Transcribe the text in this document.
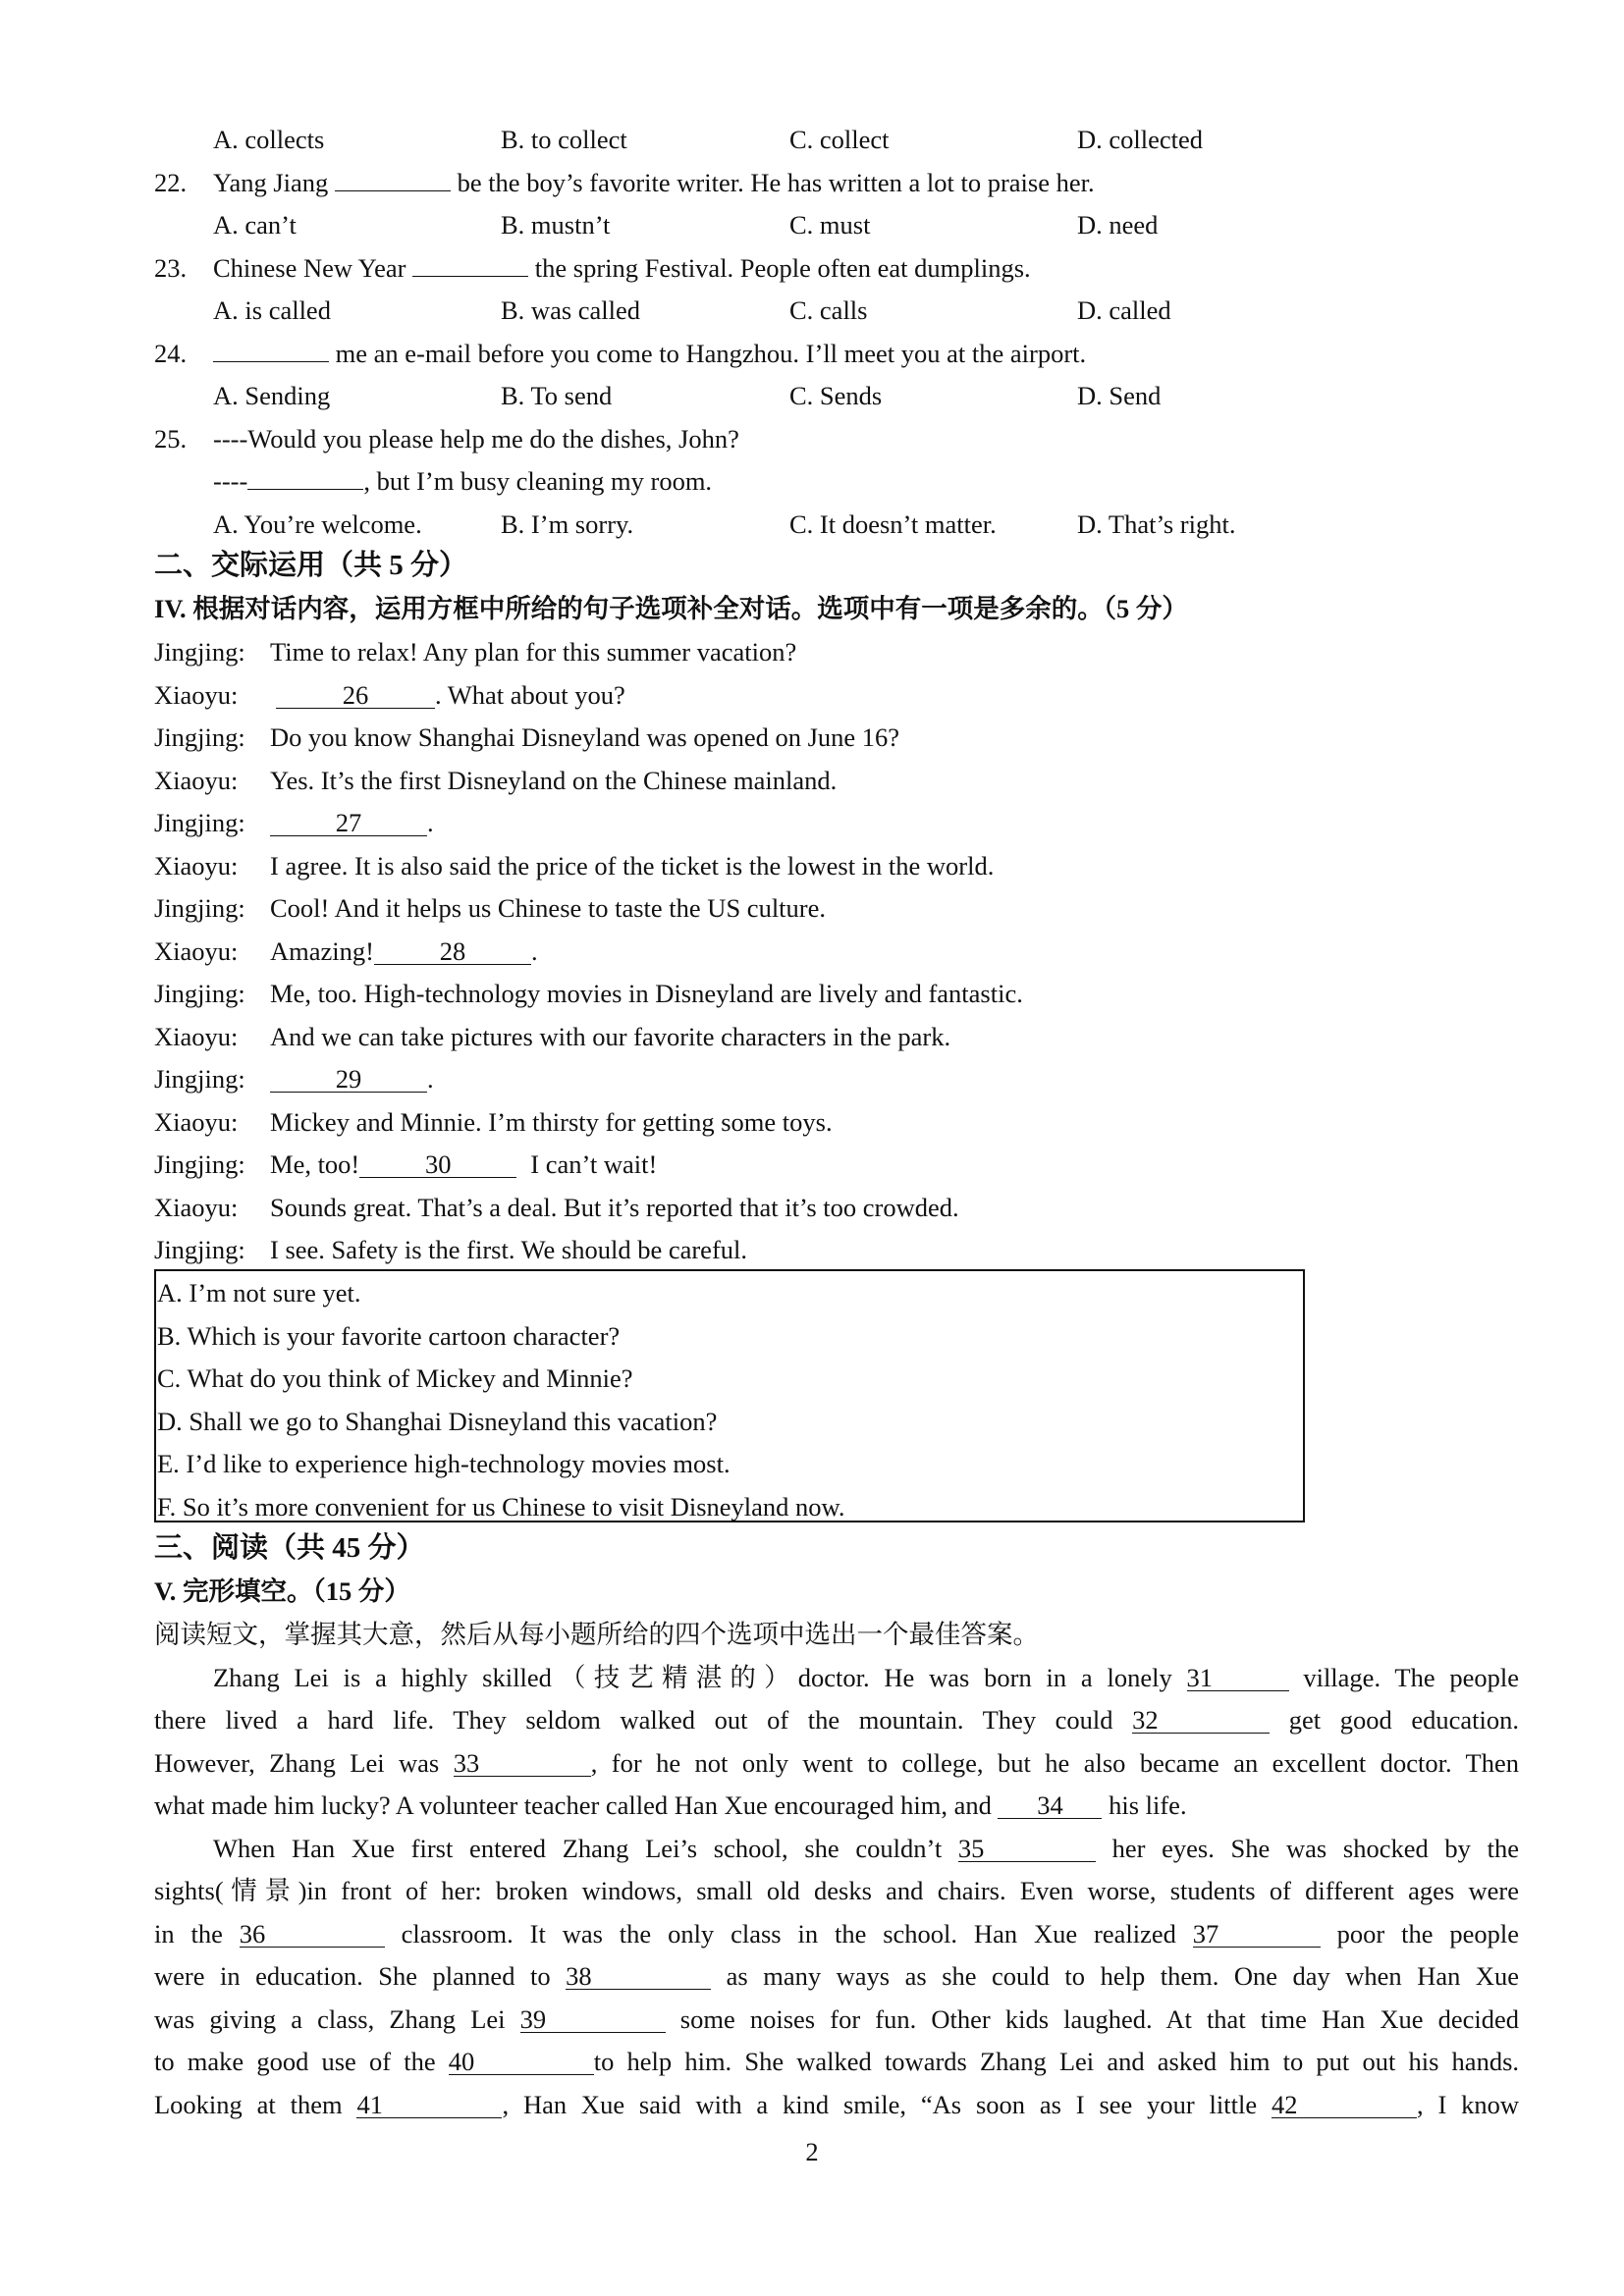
A. collects	B. to collect	C. collect	D. collected
22. Yang Jiang	be the boy’s favorite writer. He has written a lot to praise her.
A. can’t	B. mustn’t	C. must	D. need
23. Chinese New Year	the spring Festival. People often eat dumplings.
A. is called	B. was called	C. calls	D. called
24.	me an e-mail before you come to Hangzhou. I’ll meet you at the airport.
A. Sending	B. To send	C. Sends	D. Send
25. ----Would you please help me do the dishes, John?
----	, but I’m busy cleaning my room.
A. You’re welcome.	B. I’m sorry.	C. It doesn’t matter.	D. That’s right.
二、交际运用（共 5 分）
IV. 根据对话内容，运用方框中所给的句子选项补全对话。选项中有一项是多余的。（5 分）
Jingjing: Time to relax! Any plan for this summer vacation?
Xiaoyu:	26	. What about you?
Jingjing: Do you know Shanghai Disneyland was opened on June 16?
Xiaoyu: Yes. It’s the first Disneyland on the Chinese mainland.
Jingjing:	27	.
Xiaoyu: I agree. It is also said the price of the ticket is the lowest in the world.
Jingjing: Cool! And it helps us Chinese to taste the US culture.
Xiaoyu: Amazing!	28	.
Jingjing: Me, too. High-technology movies in Disneyland are lively and fantastic.
Xiaoyu: And we can take pictures with our favorite characters in the park.
Jingjing:	29	.
Xiaoyu: Mickey and Minnie. I’m thirsty for getting some toys.
Jingjing: Me, too!	30	I can’t wait!
Xiaoyu: Sounds great. That’s a deal. But it’s reported that it’s too crowded.
Jingjing: I see. Safety is the first. We should be careful.
A. I’m not sure yet.
B. Which is your favorite cartoon character?
C. What do you think of Mickey and Minnie?
D. Shall we go to Shanghai Disneyland this vacation?
E. I’d like to experience high-technology movies most.
F. So it’s more convenient for us Chinese to visit Disneyland now.
三、阅读（共 45 分）
V. 完形填空。（15 分）
阅读短文，掌握其大意，然后从每小题所给的四个选项中选出一个最佳答案。
Zhang Lei is a highly skilled（技艺精湛的）doctor. He was born in a lonely 31	village. The people
there lived a hard life. They seldom walked out of the mountain. They could 32	get good education.
However, Zhang Lei was 33	, for he not only went to college, but he also became an excellent doctor. Then
what made him lucky? A volunteer teacher called Han Xue encouraged him, and 34 his life.
When Han Xue first entered Zhang Lei’s school, she couldn’t 35	her eyes. She was shocked by the
sights(情景)in front of her: broken windows, small old desks and chairs. Even worse, students of different ages were
in the 36	classroom. It was the only class in the school. Han Xue realized 37	poor the people
were in education. She planned to 38	as many ways as she could to help them. One day when Han Xue
was giving a class, Zhang Lei 39	some noises for fun. Other kids laughed. At that time Han Xue decided
to make good use of the 40	to help him. She walked towards Zhang Lei and asked him to put out his hands.
Looking at them 41	, Han Xue said with a kind smile, “As soon as I see your little 42	, I know
2
